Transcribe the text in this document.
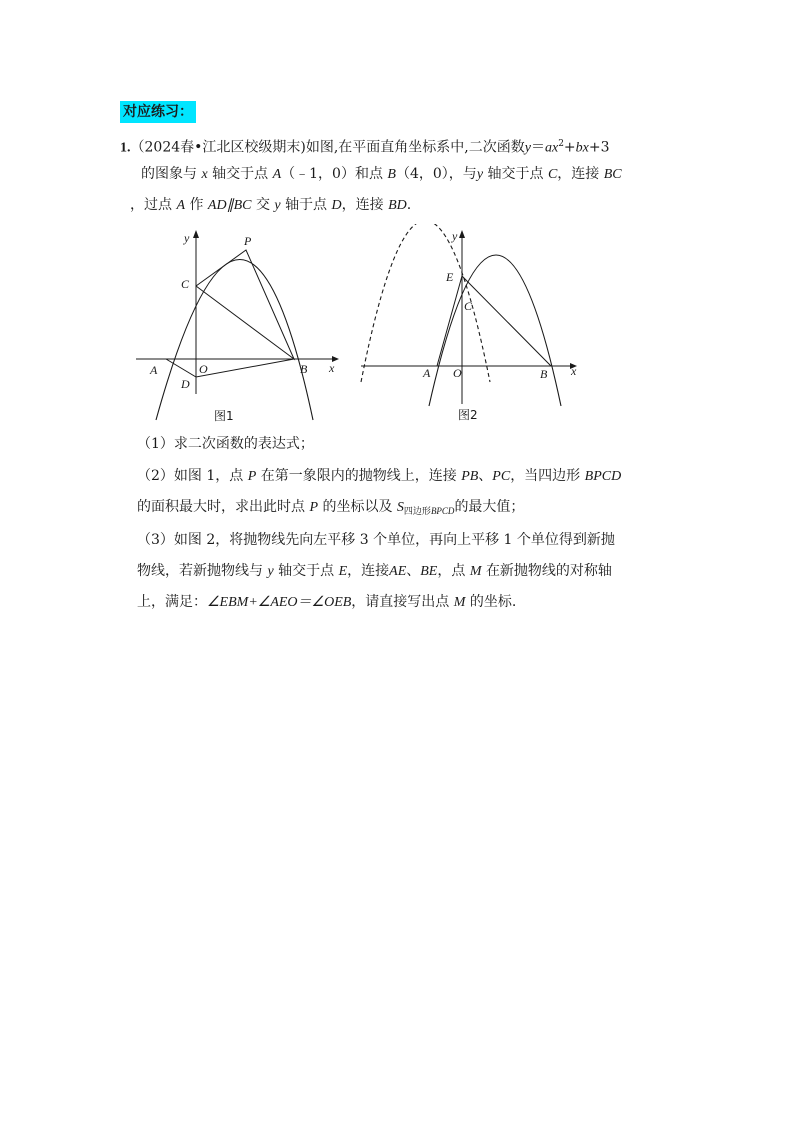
对应练习：
1.（2024春•江北区校级期末)如图,在平面直角坐标系中,二次函数$y=ax^2+bx+3$
的图象与 x 轴交于点 A（﹣1，0）和点 B（4，0），与y 轴交于点 C，连接 BC
，过点 A 作 AD∥BC 交 y 轴于点 D，连接 BD.
y
x
P
C
A	O
D
B
图1
y
x
E
C
A O	B
图2
（1）求二次函数的表达式；
（2）如图 1，点 P 在第一象限内的抛物线上，连接 PB、PC，当四边形 BPCD
的面积最大时，求出此时点 P 的坐标以及 $S_{四边形BPCD}$的最大值；
（3）如图 2，将抛物线先向左平移 3 个单位，再向上平移 1 个单位得到新抛
物线，若新抛物线与 y 轴交于点 E，连接AE、BE，点 M 在新抛物线的对称轴
上，满足：∠EBM+∠AEO＝∠OEB，请直接写出点 M 的坐标.
